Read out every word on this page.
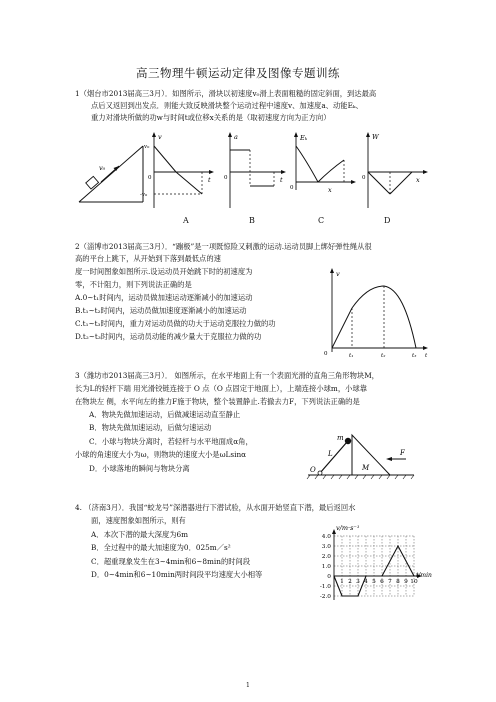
高三物理牛顿运动定律及图像专题训练
1（烟台市2013届高三3月）．如图所示，滑块以初速度v₀滑上表面粗糙的固定斜面，到达最高
点后又返回到出发点．则能大致反映滑块整个运动过程中速度v、加速度a、动能Eₖ、
重力对滑块所做的功w与时间t或位移x关系的是（取初速度方向为正方向）
v₀
v
v₀
-v₀
t
0
a
t
0
Eₖ
x
0
W
x
0
A	B	C	D
2（淄博市2013届高三3月）．“蹦极”是一项既惊险又刺激的运动.运动员脚上绑好弹性绳从很
高的平台上跳下，从开始到下落到最低点的速
度一时间图象如图所示.设运动员开始跳下时的初速度为
零，不计阻力，则下列说法正确的是
A.0~t₁时间内，运动员做加速运动逐渐减小的加速运动
B.t₁~t₂时间内，运动员做加速度逐渐减小的加速运动
C.t₁~t₃时间内，重力对运动员做的功大于运动克服拉力做的功
D.t₂~t₃时间内，运动员动能的减少量大于克服拉力做的功
v
0	t₁	t₂	t₃ t
3（潍坊市2013届高三3月）． 如图所示，在水平地面上有一个表面光滑的直角三角形物块M，
长为L的轻杆下端 用光滑铰链连接于 O 点（O 点固定于地面上），上端连接小球m，小球靠
在物块左 侧，水平向左的推力F施于物块，整个装置静止.若撤去力F，下列说法正确的是
A．物块先做加速运动，后做减速运动直至静止
B．物块先做加速运动，后做匀速运动
C．小球与物块分离时，若轻杆与水平地面成α角，
小球的角速度大小为ω，则物块的速度大小是ωLsinα
D．小球落地的瞬间与物块分离
m
L
M
F
O
4. （济南3月）．我国“蛟龙号”深潜器进行下潜试验，从水面开始竖直下潜，最后返回水
面，速度图象如图所示，则有
A．本次下潜的最大深度为6m
B．全过程中的最大加速度为0．025m／s²
C．超重现象发生在3~4min和6~8min的时间段
D．0~4min和6~10min两时间段平均速度大小相等
4.0
3.0
2.0
1.0
0
-1.0
-2.0
1 2 3 4 5 6 7 8 9 10
v/m·s⁻¹
t/min
1
